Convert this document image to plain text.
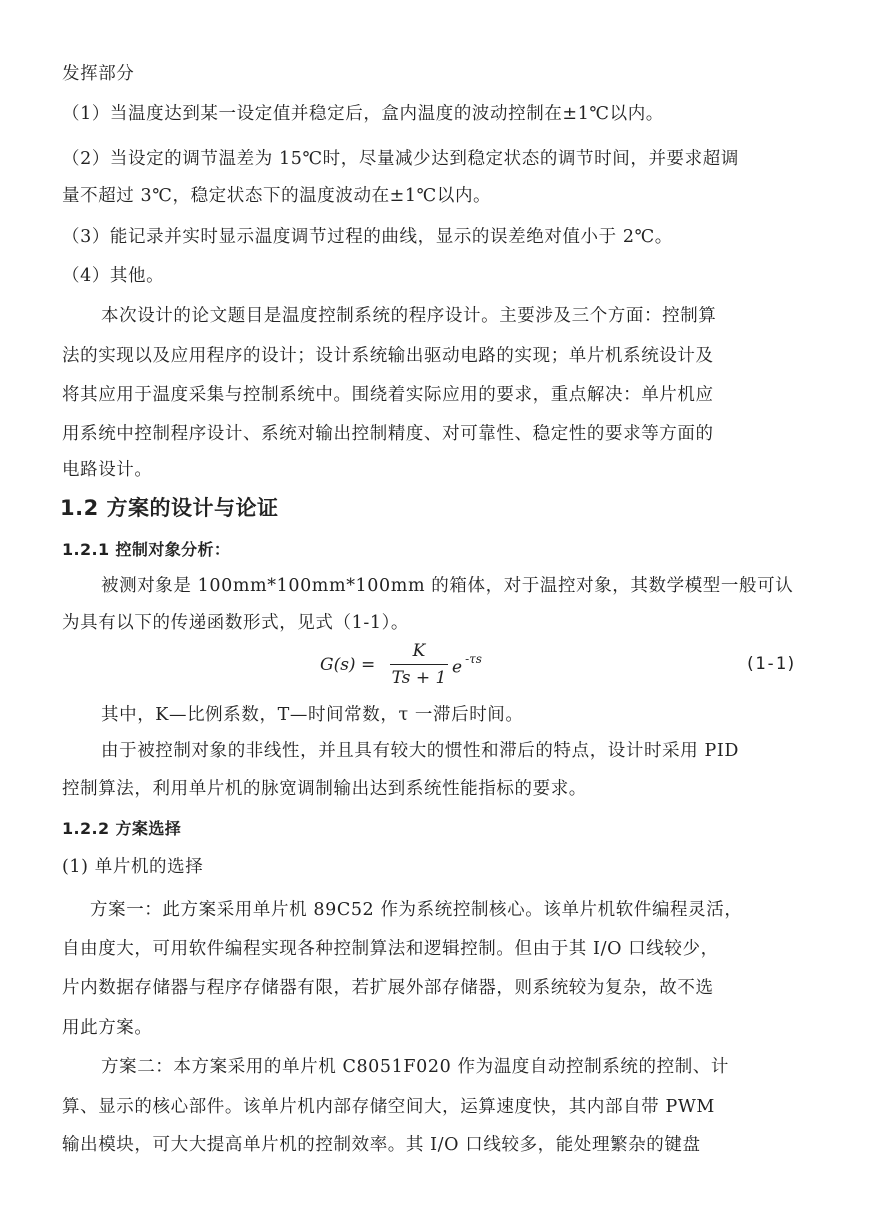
发挥部分
（1）当温度达到某一设定值并稳定后，盒内温度的波动控制在±1℃以内。
（2）当设定的调节温差为 15℃时，尽量减少达到稳定状态的调节时间，并要求超调
量不超过 3℃，稳定状态下的温度波动在±1℃以内。
（3）能记录并实时显示温度调节过程的曲线，显示的误差绝对值小于 2℃。
（4）其他。
本次设计的论文题目是温度控制系统的程序设计。主要涉及三个方面：控制算
法的实现以及应用程序的设计；设计系统输出驱动电路的实现；单片机系统设计及
将其应用于温度采集与控制系统中。围绕着实际应用的要求，重点解决：单片机应
用系统中控制程序设计、系统对输出控制精度、对可靠性、稳定性的要求等方面的
电路设计。
1.2 方案的设计与论证
1.2.1 控制对象分析：
被测对象是 100mm*100mm*100mm 的箱体，对于温控对象，其数学模型一般可认
为具有以下的传递函数形式，见式（1-1）。
G(s) =
K
Ts + 1
e $^{-\tau s}$	(1-1)
其中，K—比例系数，T—时间常数，τ 一滞后时间。
由于被控制对象的非线性，并且具有较大的惯性和滞后的特点，设计时采用 PID
控制算法，利用单片机的脉宽调制输出达到系统性能指标的要求。
1.2.2 方案选择
(1) 单片机的选择
方案一：此方案采用单片机 89C52 作为系统控制核心。该单片机软件编程灵活，
自由度大，可用软件编程实现各种控制算法和逻辑控制。但由于其 I/O 口线较少，
片内数据存储器与程序存储器有限，若扩展外部存储器，则系统较为复杂，故不选
用此方案。
方案二：本方案采用的单片机 C8051F020 作为温度自动控制系统的控制、计
算、显示的核心部件。该单片机内部存储空间大，运算速度快，其内部自带 PWM
输出模块，可大大提高单片机的控制效率。其 I/O 口线较多，能处理繁杂的键盘
